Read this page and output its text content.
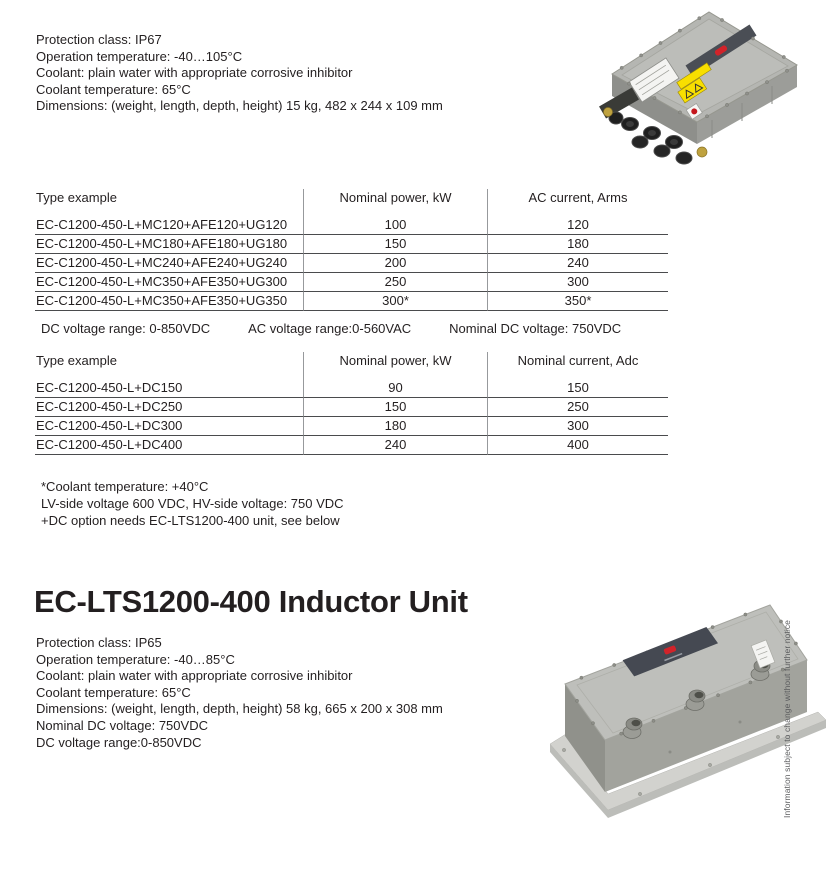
Protection class: IP67
Operation temperature: -40…105°C
Coolant: plain water with appropriate corrosive inhibitor
Coolant temperature: 65°C
Dimensions: (weight, length, depth, height) 15 kg, 482 x 244 x 109 mm
Type example	Nominal power, kW	AC current, Arms
EC-C1200-450-L+MC120+AFE120+UG120	100	120
EC-C1200-450-L+MC180+AFE180+UG180	150	180
EC-C1200-450-L+MC240+AFE240+UG240	200	240
EC-C1200-450-L+MC350+AFE350+UG300	250	300
EC-C1200-450-L+MC350+AFE350+UG350	300*	350*
DC voltage range: 0-850VDC	AC voltage range:0-560VAC	Nominal DC voltage: 750VDC
Type example	Nominal power, kW	Nominal current, Adc
EC-C1200-450-L+DC150	90	150
EC-C1200-450-L+DC250	150	250
EC-C1200-450-L+DC300	180	300
EC-C1200-450-L+DC400	240	400
*Coolant temperature: +40°C
LV-side voltage 600 VDC, HV-side voltage: 750 VDC
+DC option needs EC-LTS1200-400 unit, see below
EC-LTS1200-400 Inductor Unit
Protection class: IP65
Operation temperature: -40…85°C
Coolant: plain water with appropriate corrosive inhibitor
Coolant temperature: 65°C
Dimensions: (weight, length, depth, height) 58 kg, 665 x 200 x 308 mm
Nominal DC voltage: 750VDC
DC voltage range:0-850VDC	Information subject to change without further notice
